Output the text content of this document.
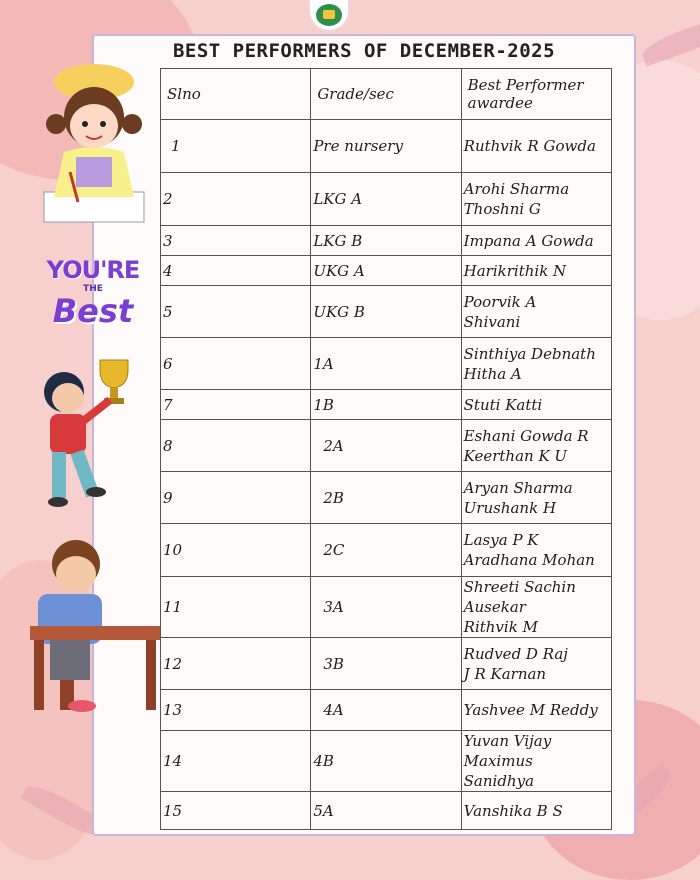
BEST PERFORMERS OF DECEMBER-2025
Slno	Grade/sec	Best Performer awardee
1	Pre nursery	Ruthvik R Gowda

2	LKG A	Arohi Sharma
Thoshni G

3	LKG B	Impana A Gowda

4	UKG A	Harikrithik N

5	UKG B	Poorvik A
Shivani

6	1A	Sinthiya Debnath
Hitha A

7	1B	Stuti Katti

8	2A	Eshani Gowda R
Keerthan K U

9	2B	Aryan Sharma
Urushank H

10	2C	Lasya P K
Aradhana Mohan

11	3A	Shreeti Sachin Ausekar
Rithvik M

12	3B	Rudved D Raj
J R Karnan

13	4A	Yashvee M Reddy

14	4B	Yuvan Vijay Maximus
Sanidhya

15	5A	Vanshika B S
YOU'RE
THE
Best
